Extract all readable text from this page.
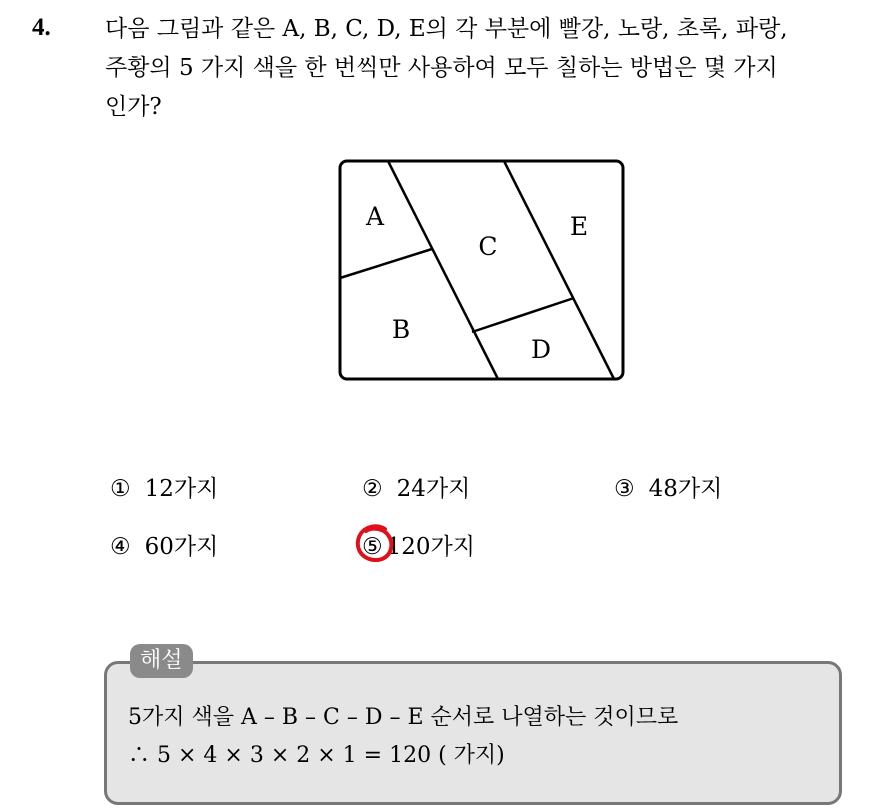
4. 다음 그림과 같은 A, B, C, D, E의 각 부분에 빨강, 노랑, 초록, 파랑,
주황의 5 가지 색을 한 번씩만 사용하여 모두 칠하는 방법은 몇 가지
인가?
A
B
C
D
E
① 12가지	② 24가지	③ 48가지
④ 60가지	⑤ 120가지
해설
5가지 색을 A – B – C – D – E 순서로 나열하는 것이므로
∴ 5 × 4 × 3 × 2 × 1 = 120 ( 가지)
